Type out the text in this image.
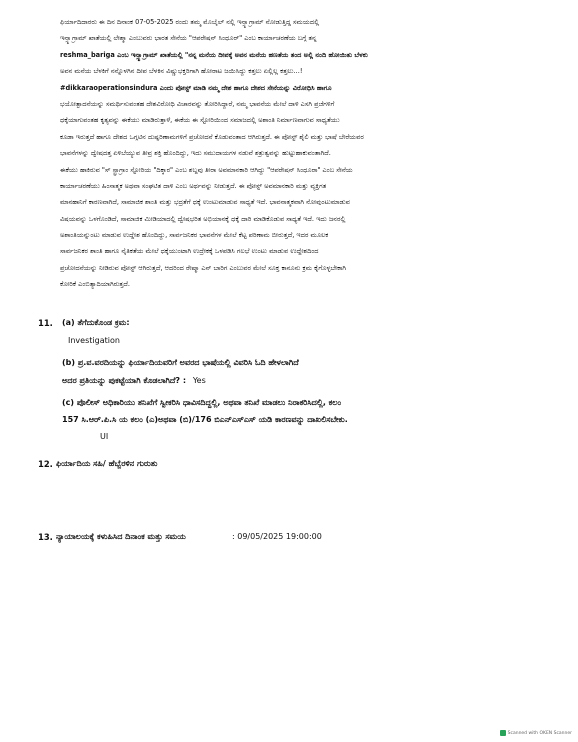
ಫಿರ್ಯಾದಿದಾರರು ಈ ದಿನ ದಿನಾಂಕ 07-05-2025 ರಂದು ತಮ್ಮ ಮೊಬೈಲ್ ನಲ್ಲಿ ಇನ್ಸ್ಟಾಗ್ರಾಮ್ ನೋಡುತ್ತಿದ್ದ ಸಮಯದಲ್ಲಿ
ಇನ್ಸ್ಟಾಗ್ರಾಮ್ ಖಾತೆಯಲ್ಲಿ ಲೇಶ್ಮಾ ಎಂಬುವರು ಭಾರತ ಸೇನೆಯ "ಆಪರೇಷನ್ ಸಿಂಧೂರ್" ಎಂಬ ಕಾರ್ಯಾಚರಣೆಯ ಬಗ್ಗೆ ತನ್ನ
reshma_bariga ಎಂಬ ಇನ್ಸ್ಟಾಗ್ರಾಮ್ ಖಾತೆಯಲ್ಲಿ "ನನ್ನ ಮನೆಯ ದೀಪಕ್ಕೆ ಅವನ ಮನೆಯ ಹಣತೆಯ ತಂದ ಅಲ್ಲಿ ನಂದಿ ಹೋಯಿತು ಬೆಳಕು
ಅವನ ಮನೆಯ ಬೆಳಕಿಗೆ ನನ್ನೊಳಗಿನ ದೀಪ ಬೆಳಕಿನ ವಿಷ್ಣುಭಕ್ತರಿಗಾಗಿ ಹೋರಾಟ ಜಯಿಸಿದ್ದು ಕತ್ತಲು ಏಲ್ಲಿಲ್ಲ ಕತ್ತಲು...!
#dikkaraoperationsindura ಎಂದು ಪೋಸ್ಟ್ ಮಾಡಿ ನಮ್ಮ ದೇಶ ಹಾಗೂ ದೇಶದ ಸೇನೆಯನ್ನು ವಿರೋಧಿಸಿ ಹಾಗೂ
ಭಯೋತ್ಪಾದನೆಯನ್ನು ಸಮರ್ಥಿಸುವಂತಹ ದೇಶವಿರೋಧಿ ವಿಚಾರವನ್ನು ತೋರಿಸಿದ್ದಾರೆ, ನಮ್ಮ ಭಾವನೆಯ ಮೇಲೆ ದಾಳಿ ಎಸಗಿ ಪ್ರಜೆಗಳಿಗೆ
ಧಕ್ಕೆಯಾಗುವಂತಹ ಕೃತ್ಯವನ್ನು ಈಕೆಯು ಮಾಡಿರುತ್ತಾಳೆ, ಈಕೆಯ ಈ ಸ್ಟೋರಿಯಿಂದ ಸಮಾಜದಲ್ಲಿ ಅಶಾಂತಿ ನಿರ್ಮಾಣವಾಗುವ ಸಾಧ್ಯತೆಯು
ಕೂಡಾ ಇರುತ್ತದೆ ಹಾಗೂ ದೇಶದ ಒಗ್ಗಟಿನ ದುಷ್ಪರಿಣಾಮಗಳಿಗೆ ಪ್ರಚೋದನೆ ಕೊಡುವಂತಾದ ಆಗಿರುತ್ತದೆ. ಈ ಪೋಸ್ಟ್ ಶೈಲಿ ಮತ್ತು ಭಾಷೆ ಬೇರೆಯವರ
ಭಾವನೆಗಳನ್ನು ದ್ವೇಷದತ್ತ ಏಳಿಬೆಯ್ಯುವ ತೀವ್ರ ಶಕ್ತಿ ಹೊಂದಿದ್ದು, ಇದು ಸಮುದಾಯಗಳ ನಡುವೆ ಶತ್ರುತ್ವವನ್ನು ಹುಟ್ಟುಹಾಕುವಂತಾಗಿದೆ.
ಈಕೆಯು ಹಾಕಿರುವ "ಸ್ ಸ್ಟ್ರಾಗ್ರಾಂ ಸ್ಟೋರಿಯ "ದಿಕ್ಕಾರ" ಎಂಬ ಶಬ್ದವು ತೀರಾ ಅವಮಾನಕಾರಿ ಆಗಿದ್ದು "ಆಪರೇಷನ್ ಸಿಂಧೂರಾ" ಎಂಬ ಸೇನೆಯ
ಕಾರ್ಯಾಚರಣೆಯು ಹಿಂಸಾತ್ಮಕ ಅಥವಾ ಸಂಘಟಿತ ದಾಳಿ ಎಂಬ ಅರ್ಥವನ್ನು ನೀಡುತ್ತದೆ. ಈ ಪೋಸ್ಟ್ ಅವಮಾನಕಾರಿ ಮತ್ತು ವ್ಯಕ್ತಿಗತ
ಮಾನಹಾನಿಗೆ ಕಾರಣವಾಗಿದೆ, ಸಾಮಾಜಿಕ ಶಾಂತಿ ಮತ್ತು ಭದ್ರತೆಗೆ ಧಕ್ಕೆ ಉಂಟುಮಾಡುವ ಸಾಧ್ಯತೆ ಇದೆ. ಭಾವನಾತ್ಮಕವಾಗಿ ನೋವುಂಟುಮಾಡುವ
ವಿಷಯವನ್ನು ಒಳಗೊಂಡಿದೆ, ಸಾಮಾಜಿಕ ಮೀಡಿಯಾದಲ್ಲಿ ದ್ವೇಷಭರಿತ ಅಭಿಯಾನಕ್ಕೆ ಧಕ್ಕೆ ದಾರಿ ಮಾಡಿಕೊಡುವ ಸಾಧ್ಯತೆ ಇದೆ. ಇದು ಜನರಲ್ಲಿ
ಅಶಾಂತಿಯನ್ನುಂಟು ಮಾಡುವ ಉದ್ದೇಶ ಹೊಂದಿದ್ದು, ಸಾರ್ವಜನಿಕರ ಭಾವನೆಗಳ ಮೇಲೆ ಕೆಟ್ಟ ಪರಿಣಾಮ ಬೀರುತ್ತದೆ, ಇದರ ಮೂಲಕ
ಸಾರ್ವಜನಿಕರ ಶಾಂತಿ ಹಾಗೂ ನೈತಿಕತೆಯ ಮೇಲೆ ಧಕ್ಕೆಯುಂಟಾಗಿ ಉದ್ರೇಕಕ್ಕೆ ಒಳಪಡಿಸಿ ಗಲಭೆ ಉಂಟು ಮಾಡುವ ಉದ್ದೇಶದಿಂದ
ಪ್ರಚೋದನೆಯನ್ನು ನೀಡಿರುವ ಪೋಸ್ಟ್ ಆಗಿರುತ್ತದೆ, ಆದರಿಂದ ರೇಷ್ಮಾ ಎನ್ ಬಾರಿಗ ಎಂಬುವರ ಮೇಲೆ ಸೂಕ್ತ ಕಾನೂನು ಕ್ರಮ ಕೈಗೊಳ್ಳಬೇಕಾಗಿ
ಕೋರಿಕೆ ಎಂಬಿತ್ಯಾದಿಯಾಗಿರುತ್ತದೆ.
11. (a) ತೆಗೆದುಕೊಂಡ ಕ್ರಮ:
Investigation
(b) ಪ್ರ.ವ.ವರದಿಯನ್ನು ಫಿರ್ಯಾದಿಯವರಿಗೆ ಅವರದ ಭಾಷೆಯಲ್ಲಿ ವಿವರಿಸಿ ಓದಿ ಹೇಳಲಾಗಿದೆ
ಅದರ ಪ್ರತಿಯನ್ನು ಪುಕಟ್ಟೆಯಾಗಿ ಕೊಡಲಾಗಿದೆ? : Yes
(c) ಪೊಲೀಸ್ ಅಧಿಕಾರಿಯು ತನಿಖೆಗೆ ಸ್ವೀಕರಿಸಿ ಧಾವಿಸದಿದ್ದಲ್ಲಿ, ಅಥವಾ ತನಿಖೆ ಮಾಡಲು ನಿರಾಕರಿಸಿದಲ್ಲಿ, ಕಲಂ
157 ಸಿ.ಆರ್.ಪಿ.ಸಿ ಯ ಕಲಂ (ಎ)ಅಥವಾ (ಬಿ)/176 ಬಿಎನ್‌ಎಸ್‌ಎಸ್ ಯಡಿ ಕಾರಣವನ್ನು ದಾಖಲಿಸಬೇಕು.
UI
12. ಫಿರ್ಯಾದಿಯ ಸಹಿ/ ಹೆಬ್ಬೆರಳಿನ ಗುರುತು
13. ನ್ಯಾಯಾಲಯಕ್ಕೆ ಕಳುಹಿಸಿದ ದಿನಾಂಕ ಮತ್ತು ಸಮಯ	: 09/05/2025 19:00:00
Scanned with OKEN Scanner
